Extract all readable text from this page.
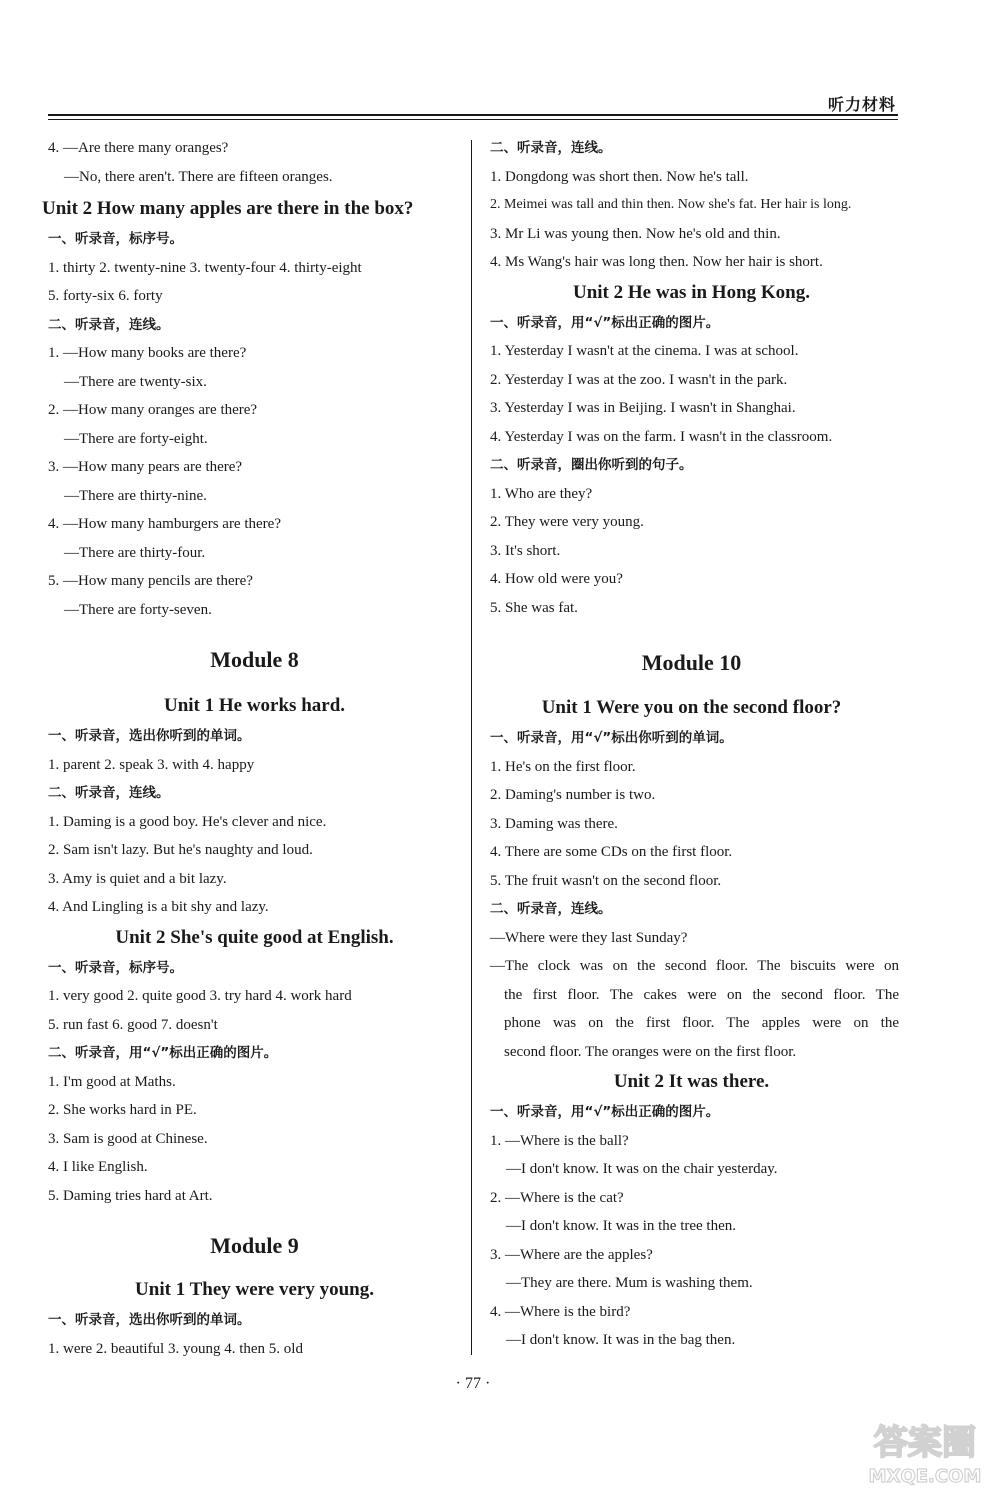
听力材料
4. —Are there many oranges?
—No, there aren't. There are fifteen oranges.
Unit 2 How many apples are there in the box?
一、听录音，标序号。
1. thirty 2. twenty-nine 3. twenty-four 4. thirty-eight
5. forty-six 6. forty
二、听录音，连线。
1. —How many books are there?
—There are twenty-six.
2. —How many oranges are there?
—There are forty-eight.
3. —How many pears are there?
—There are thirty-nine.
4. —How many hamburgers are there?
—There are thirty-four.
5. —How many pencils are there?
—There are forty-seven.
Module 8
Unit 1 He works hard.
一、听录音，选出你听到的单词。
1. parent 2. speak 3. with 4. happy
二、听录音，连线。
1. Daming is a good boy. He's clever and nice.
2. Sam isn't lazy. But he's naughty and loud.
3. Amy is quiet and a bit lazy.
4. And Lingling is a bit shy and lazy.
Unit 2 She's quite good at English.
一、听录音，标序号。
1. very good 2. quite good 3. try hard 4. work hard
5. run fast 6. good 7. doesn't
二、听录音，用“√”标出正确的图片。
1. I'm good at Maths.
2. She works hard in PE.
3. Sam is good at Chinese.
4. I like English.
5. Daming tries hard at Art.
Module 9
Unit 1 They were very young.
一、听录音，选出你听到的单词。
1. were 2. beautiful 3. young 4. then 5. old
二、听录音，连线。
1. Dongdong was short then. Now he's tall.
2. Meimei was tall and thin then. Now she's fat. Her hair is long.
3. Mr Li was young then. Now he's old and thin.
4. Ms Wang's hair was long then. Now her hair is short.
Unit 2 He was in Hong Kong.
一、听录音，用“√”标出正确的图片。
1. Yesterday I wasn't at the cinema. I was at school.
2. Yesterday I was at the zoo. I wasn't in the park.
3. Yesterday I was in Beijing. I wasn't in Shanghai.
4. Yesterday I was on the farm. I wasn't in the classroom.
二、听录音，圈出你听到的句子。
1. Who are they?
2. They were very young.
3. It's short.
4. How old were you?
5. She was fat.
Module 10
Unit 1 Were you on the second floor?
一、听录音，用“√”标出你听到的单词。
1. He's on the first floor.
2. Daming's number is two.
3. Daming was there.
4. There are some CDs on the first floor.
5. The fruit wasn't on the second floor.
二、听录音，连线。
—Where were they last Sunday?
—The clock was on the second floor. The biscuits were on
the first floor. The cakes were on the second floor. The
phone was on the first floor. The apples were on the
second floor. The oranges were on the first floor.
Unit 2 It was there.
一、听录音，用“√”标出正确的图片。
1. —Where is the ball?
—I don't know. It was on the chair yesterday.
2. —Where is the cat?
—I don't know. It was in the tree then.
3. —Where are the apples?
—They are there. Mum is washing them.
4. —Where is the bird?
—I don't know. It was in the bag then.
· 77 ·
答案圈
MXQE.COM
